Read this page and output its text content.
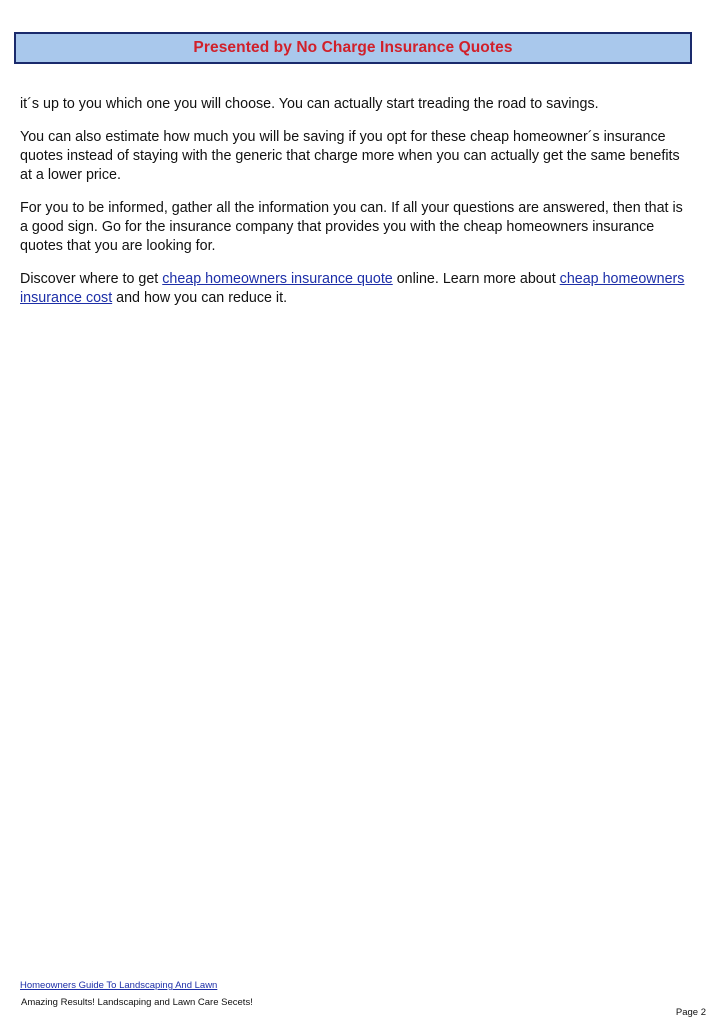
Presented by No Charge Insurance Quotes

it´s up to you which one you will choose. You can actually start treading the road to savings.

You can also estimate how much you will be saving if you opt for these cheap homeowner´s insurance quotes instead of staying with the generic that charge more when you can actually get the same benefits at a lower price.

For you to be informed, gather all the information you can. If all your questions are answered, then that is a good sign. Go for the insurance company that provides you with the cheap homeowners insurance quotes that you are looking for.

Discover where to get cheap homeowners insurance quote online. Learn more about cheap homeowners insurance cost and how you can reduce it.

Homeowners Guide To Landscaping And Lawn
Amazing Results! Landscaping and Lawn Care Secets!
Page 2
